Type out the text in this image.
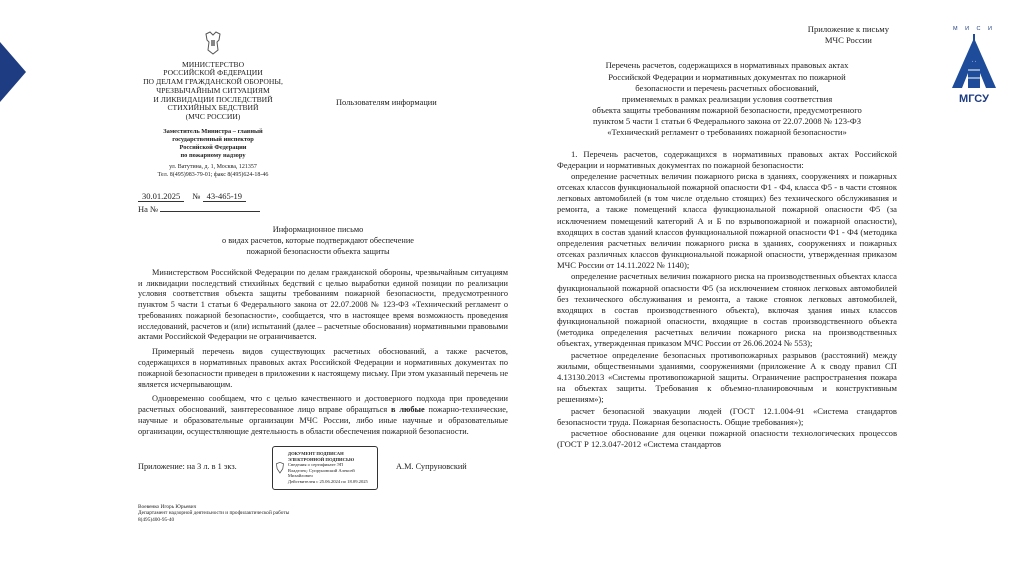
МИНИСТЕРСТВО
РОССИЙСКОЙ ФЕДЕРАЦИИ
ПО ДЕЛАМ ГРАЖДАНСКОЙ ОБОРОНЫ,
ЧРЕЗВЫЧАЙНЫМ СИТУАЦИЯМ
И ЛИКВИДАЦИИ ПОСЛЕДСТВИЙ
СТИХИЙНЫХ БЕДСТВИЙ
(МЧС РОССИИ)
Заместитель Министра – главный
государственный инспектор
Российской Федерации
по пожарному надзору
ул. Ватутина, д. 1, Москва, 121357
Тел. 8(495)983-79-01; факс 8(495)624-18-46
Пользователям информации
30.01.2025 № 43-465-19
На №
Информационное письмо
о видах расчетов, которые подтверждают обеспечение
пожарной безопасности объекта защиты

Министерством Российской Федерации по делам гражданской обороны, чрезвычайным ситуациям и ликвидации последствий стихийных бедствий с целью выработки единой позиции по реализации условия соответствия объекта защиты требованиям пожарной безопасности, предусмотренного пунктом 5 части 1 статьи 6 Федерального закона от 22.07.2008 № 123-ФЗ «Технический регламент о требованиях пожарной безопасности», сообщается, что в настоящее время возможность проведения исследований, расчетов и (или) испытаний (далее – расчетные обоснования) нормативными правовыми актами Российской Федерации не ограничивается.

Примерный перечень видов существующих расчетных обоснований, а также расчетов, содержащихся в нормативных правовых актах Российской Федерации и нормативных документах по пожарной безопасности приведен в приложении к настоящему письму. При этом указанный перечень не является исчерпывающим.

Одновременно сообщаем, что с целью качественного и достоверного подхода при проведении расчетных обоснований, заинтересованное лицо вправе обращаться в любые пожарно-технические, научные и образовательные организации МЧС России, либо иные научные и образовательные организации, осуществляющие деятельность в области обеспечения пожарной безопасности.

Приложение: на 3 л. в 1 экз.
ДОКУМЕНТ ПОДПИСАН ЭЛЕКТРОННОЙ ПОДПИСЬЮ
Сведения о сертификате ЭП
Владелец: Супруновский Алексей Михайлович
Действителен с 25.06.2024 по 18.09.2025
А.М. Супруновский
Воевенко Игорь Юрьевич
Департамент надзорной деятельности и профилактической работы
8(495)400-95-40
Приложение к письму
МЧС России
Перечень расчетов, содержащихся в нормативных правовых актах
Российской Федерации и нормативных документах по пожарной
безопасности и перечень расчетных обоснований,
применяемых в рамках реализации условия соответствия
объекта защиты требованиям пожарной безопасности, предусмотренного
пунктом 5 части 1 статьи 6 Федерального закона от 22.07.2008 № 123-ФЗ
«Технический регламент о требованиях пожарной безопасности»

1. Перечень расчетов, содержащихся в нормативных правовых актах Российской Федерации и нормативных документах по пожарной безопасности:

определение расчетных величин пожарного риска в зданиях, сооружениях и пожарных отсеках классов функциональной пожарной опасности Ф1 - Ф4, класса Ф5 - в части стоянок легковых автомобилей (в том числе отдельно стоящих) без технического обслуживания и ремонта, а также помещений класса функциональной пожарной опасности Ф5 (за исключением помещений категорий А и Б по взрывопожарной и пожарной опасности), входящих в состав зданий классов функциональной пожарной опасности Ф1 - Ф4 (методика определения расчетных величин пожарного риска в зданиях, сооружениях и пожарных отсеках различных классов функциональной пожарной опасности, утвержденная приказом МЧС России от 14.11.2022 № 1140);

определение расчетных величин пожарного риска на производственных объектах класса функциональной пожарной опасности Ф5 (за исключением стоянок легковых автомобилей без технического обслуживания и ремонта, а также стоянок легковых автомобилей, входящих в состав производственного объекта), включая здания иных классов функциональной пожарной опасности, входящие в состав производственного объекта (методика определения расчетных величин пожарного риска на производственных объектах, утвержденная приказом МЧС России от 26.06.2024 № 553);

расчетное определение безопасных противопожарных разрывов (расстояний) между жилыми, общественными зданиями, сооружениями (приложение А к своду правил СП 4.13130.2013 «Системы противопожарной защиты. Ограничение распространения пожара на объектах защиты. Требования к объемно-планировочным и конструктивным решениям»);

расчет безопасной эвакуации людей (ГОСТ 12.1.004-91 «Система стандартов безопасности труда. Пожарная безопасность. Общие требования»);

расчетное обоснование для оценки пожарной опасности технологических процессов (ГОСТ Р 12.3.047-2012 «Система стандартов

М И С И
МГСУ
